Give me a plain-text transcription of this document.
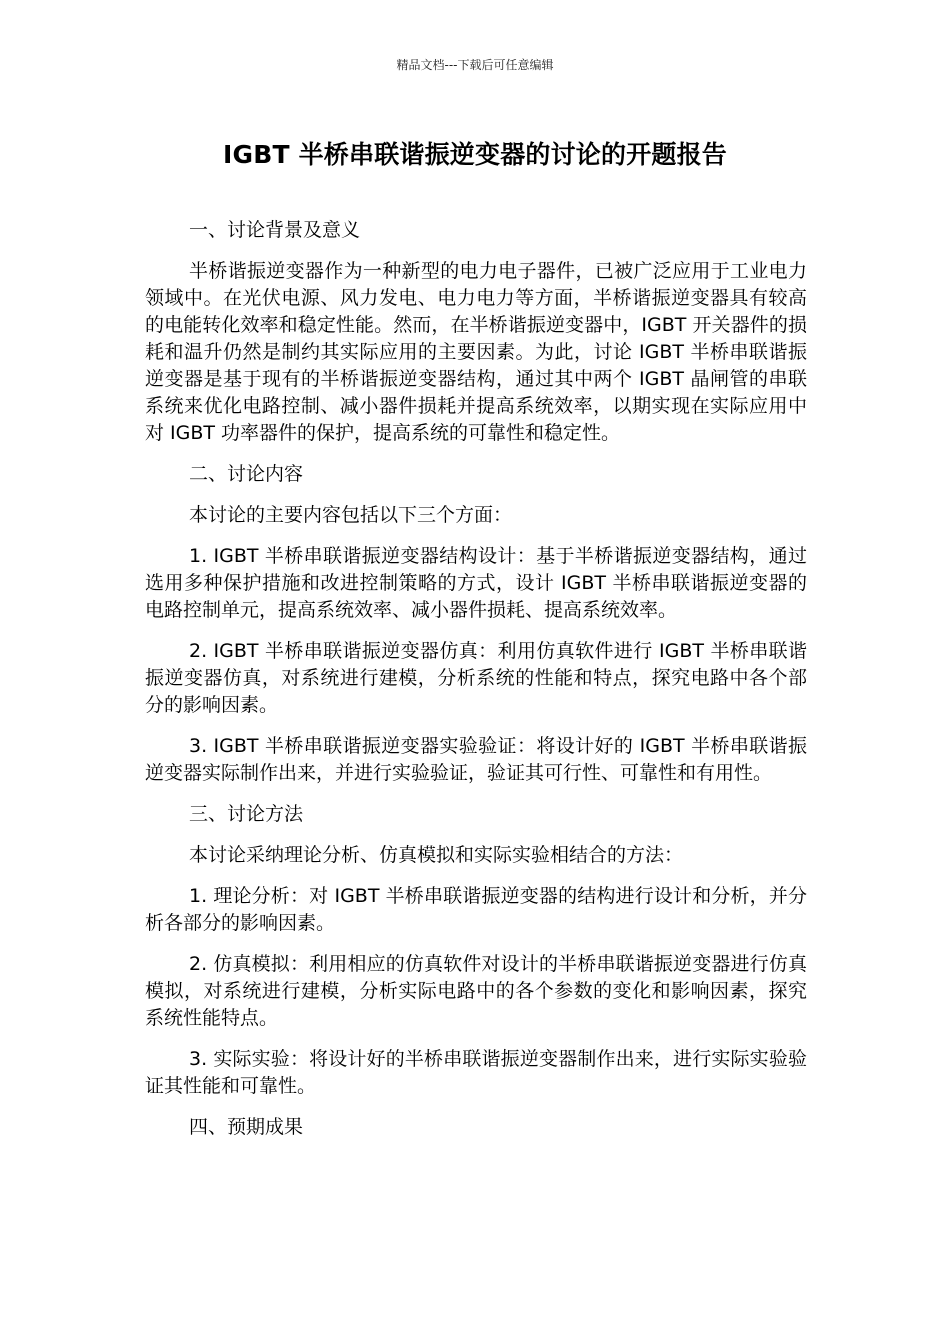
精品文档---下载后可任意编辑
IGBT 半桥串联谐振逆变器的讨论的开题报告

一、讨论背景及意义

半桥谐振逆变器作为一种新型的电力电子器件，已被广泛应用于工业电力领域中。在光伏电源、风力发电、电力电力等方面，半桥谐振逆变器具有较高的电能转化效率和稳定性能。然而，在半桥谐振逆变器中，IGBT 开关器件的损耗和温升仍然是制约其实际应用的主要因素。为此，讨论 IGBT 半桥串联谐振逆变器是基于现有的半桥谐振逆变器结构，通过其中两个 IGBT 晶闸管的串联系统来优化电路控制、减小器件损耗并提高系统效率，以期实现在实际应用中对 IGBT 功率器件的保护，提高系统的可靠性和稳定性。

二、讨论内容

本讨论的主要内容包括以下三个方面：

1. IGBT 半桥串联谐振逆变器结构设计：基于半桥谐振逆变器结构，通过选用多种保护措施和改进控制策略的方式，设计 IGBT 半桥串联谐振逆变器的电路控制单元，提高系统效率、减小器件损耗、提高系统效率。

2. IGBT 半桥串联谐振逆变器仿真：利用仿真软件进行 IGBT 半桥串联谐振逆变器仿真，对系统进行建模，分析系统的性能和特点，探究电路中各个部分的影响因素。

3. IGBT 半桥串联谐振逆变器实验验证：将设计好的 IGBT 半桥串联谐振逆变器实际制作出来，并进行实验验证，验证其可行性、可靠性和有用性。

三、讨论方法

本讨论采纳理论分析、仿真模拟和实际实验相结合的方法：

1. 理论分析：对 IGBT 半桥串联谐振逆变器的结构进行设计和分析，并分析各部分的影响因素。

2. 仿真模拟：利用相应的仿真软件对设计的半桥串联谐振逆变器进行仿真模拟，对系统进行建模，分析实际电路中的各个参数的变化和影响因素，探究系统性能特点。

3. 实际实验：将设计好的半桥串联谐振逆变器制作出来，进行实际实验验证其性能和可靠性。

四、预期成果
